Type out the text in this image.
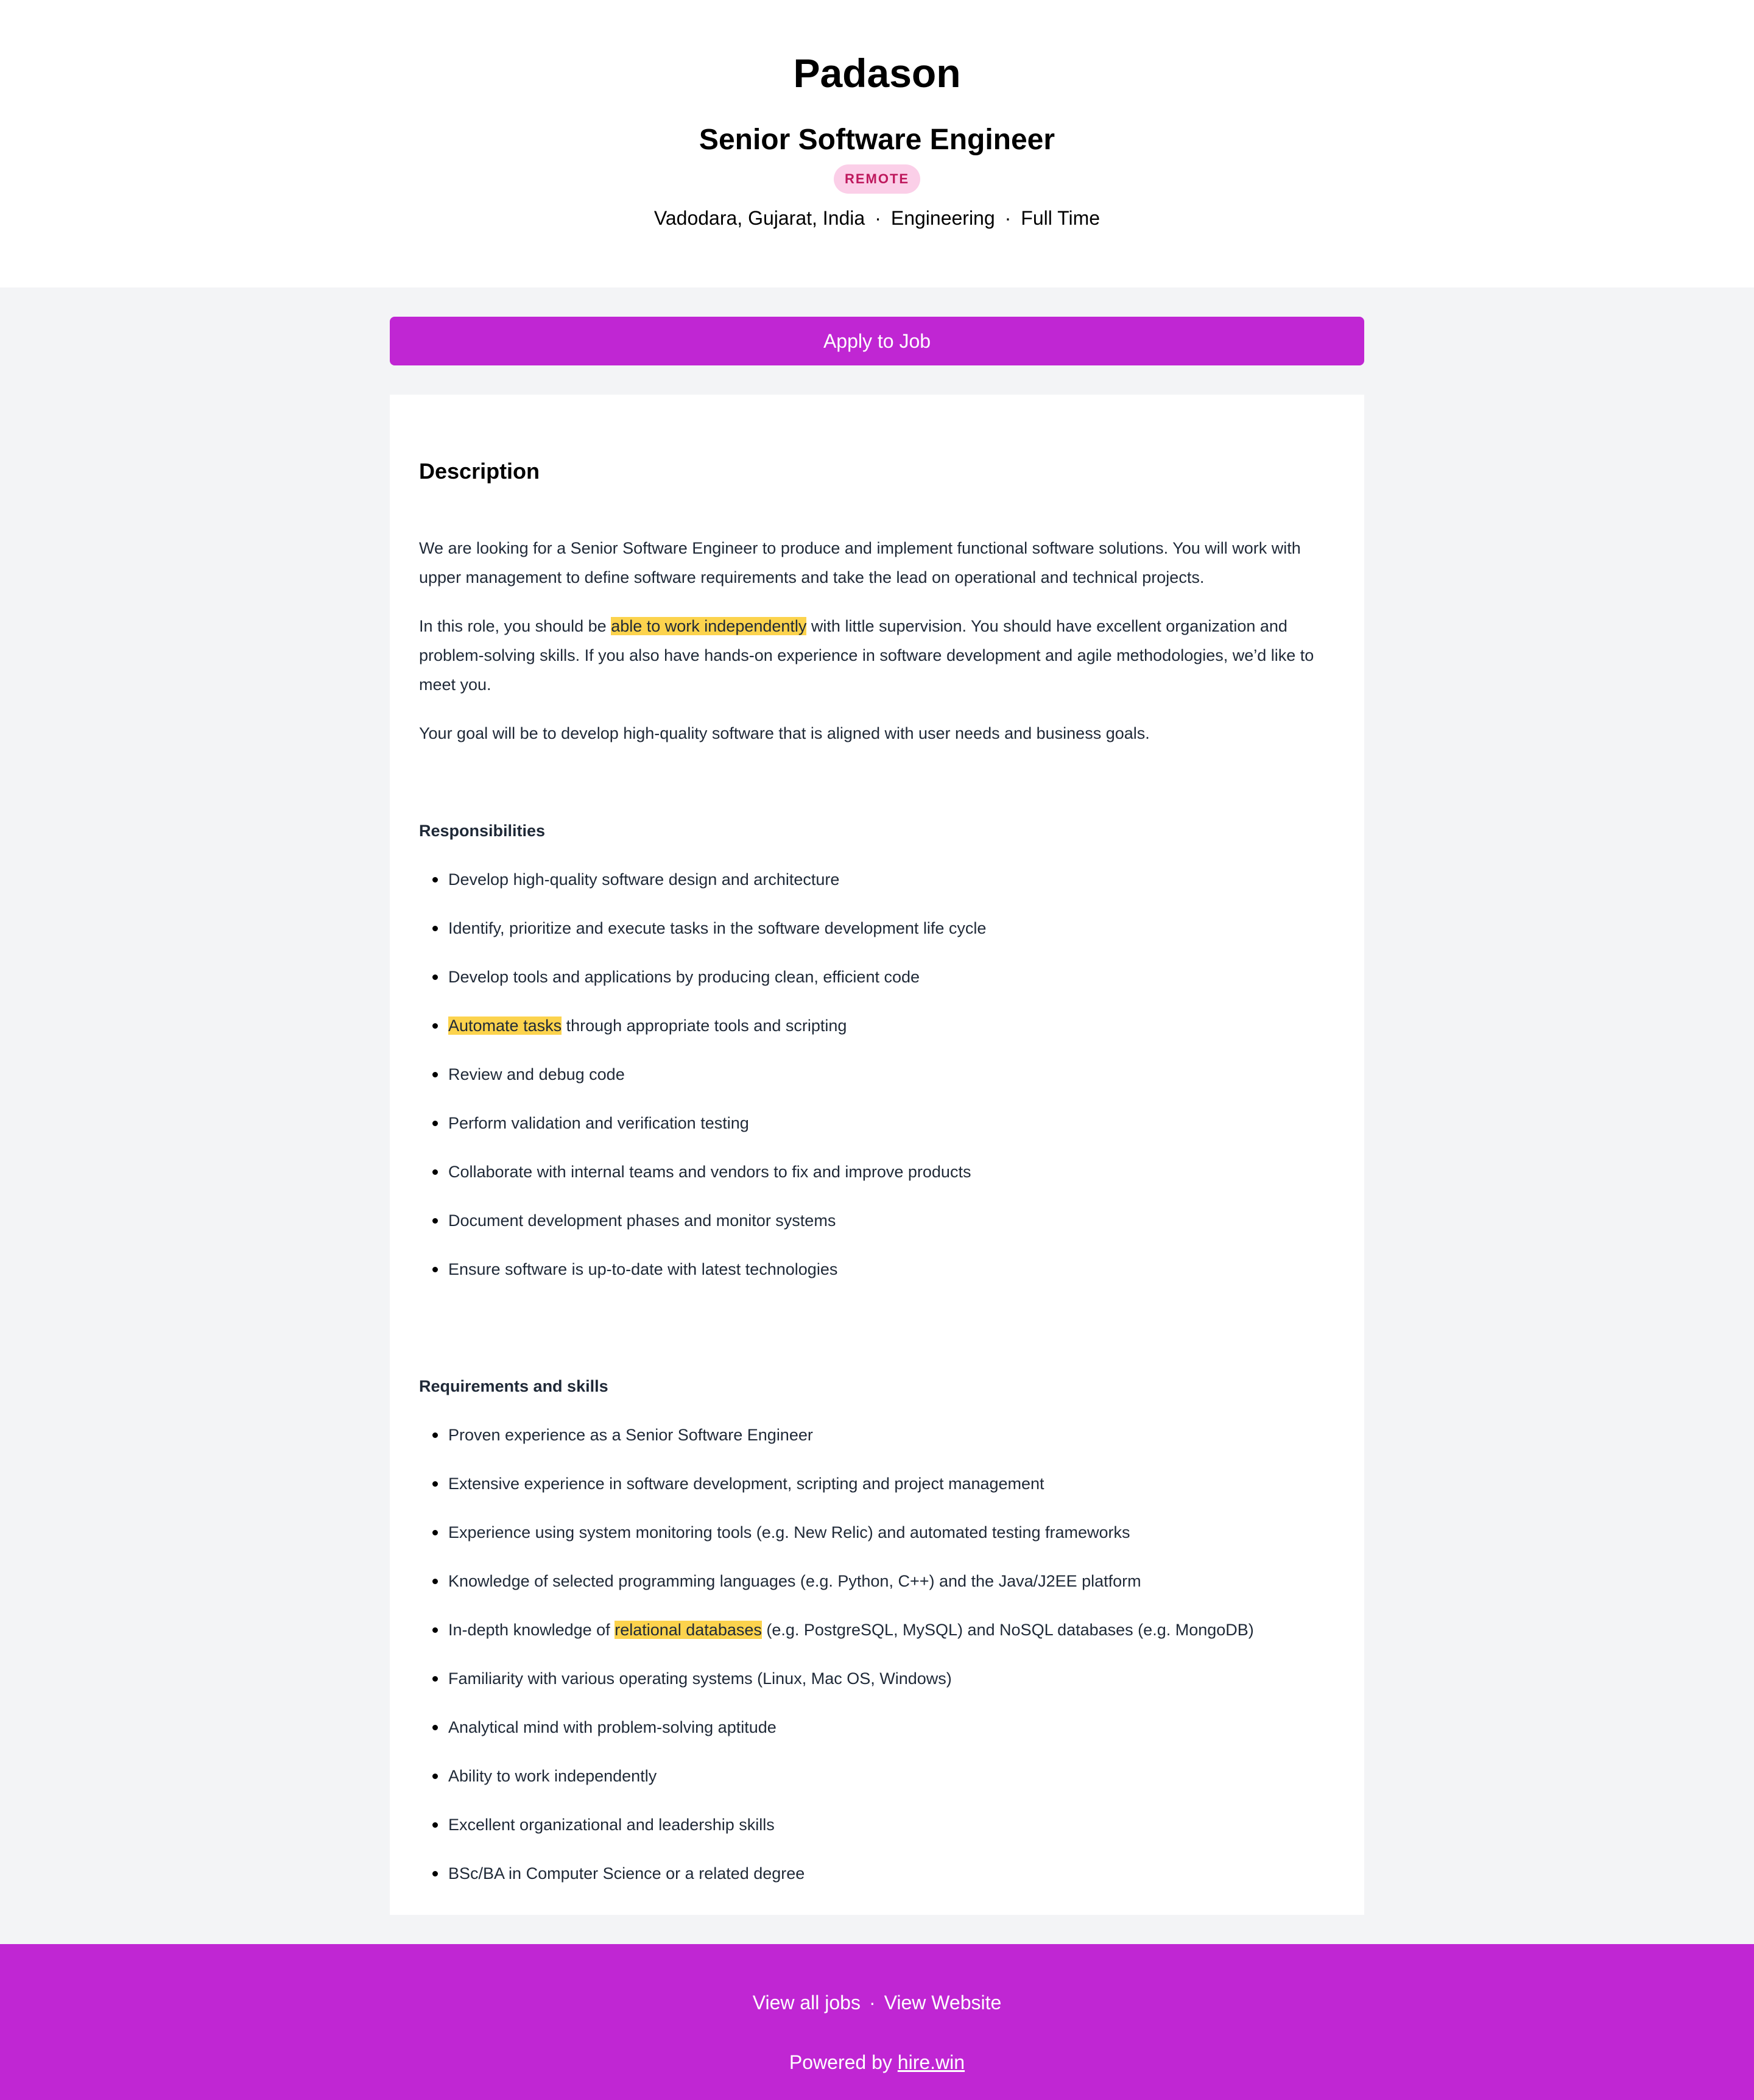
Padason
Senior Software Engineer
REMOTE
Vadodara, Gujarat, India · Engineering · Full Time
Apply to Job
Description

We are looking for a Senior Software Engineer to produce and implement functional software solutions. You will work with upper management to define software requirements and take the lead on operational and technical projects.

In this role, you should be able to work independently with little supervision. You should have excellent organization and problem-solving skills. If you also have hands-on experience in software development and agile methodologies, we’d like to meet you.

Your goal will be to develop high-quality software that is aligned with user needs and business goals.

Responsibilities
Develop high-quality software design and architecture
Identify, prioritize and execute tasks in the software development life cycle
Develop tools and applications by producing clean, efficient code
Automate tasks through appropriate tools and scripting
Review and debug code
Perform validation and verification testing
Collaborate with internal teams and vendors to fix and improve products
Document development phases and monitor systems
Ensure software is up-to-date with latest technologies
Requirements and skills
Proven experience as a Senior Software Engineer
Extensive experience in software development, scripting and project management
Experience using system monitoring tools (e.g. New Relic) and automated testing frameworks
Knowledge of selected programming languages (e.g. Python, C++) and the Java/J2EE platform
In-depth knowledge of relational databases (e.g. PostgreSQL, MySQL) and NoSQL databases (e.g. MongoDB)
Familiarity with various operating systems (Linux, Mac OS, Windows)
Analytical mind with problem-solving aptitude
Ability to work independently
Excellent organizational and leadership skills
BSc/BA in Computer Science or a related degree
View all jobs · View Website
Powered by hire.win
